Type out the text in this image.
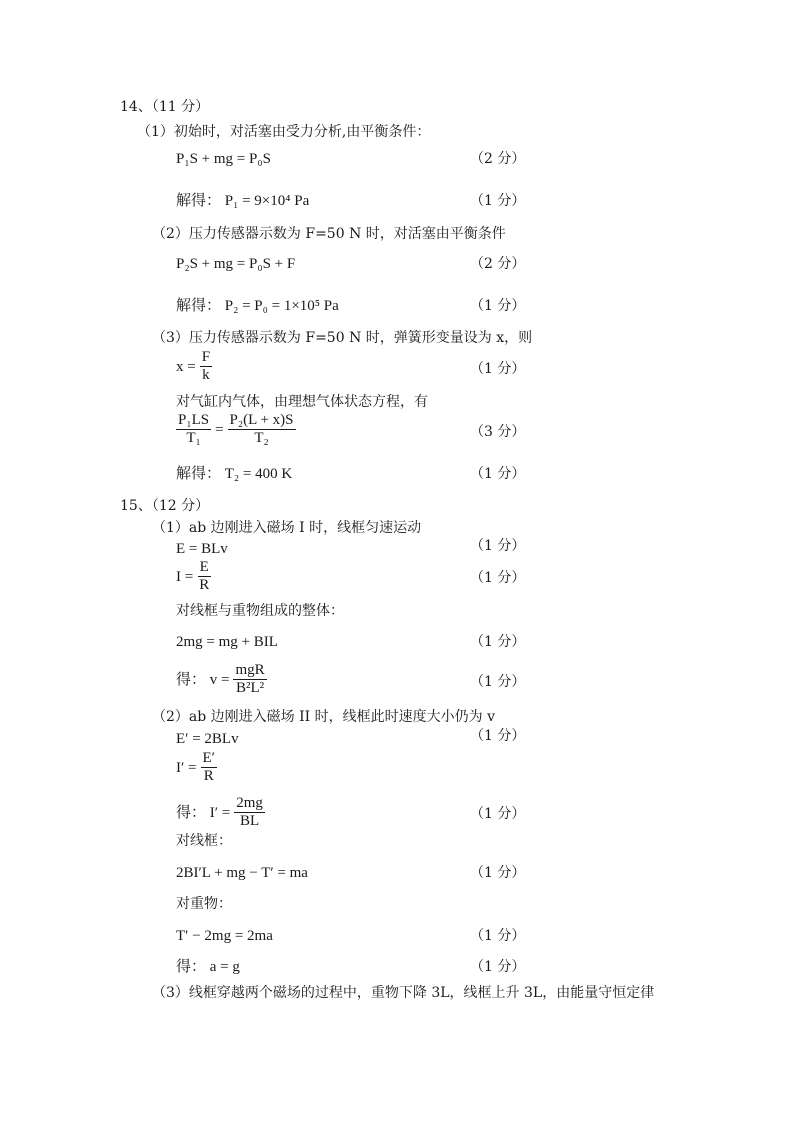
14、（11 分）
（1）初始时，对活塞由受力分析,由平衡条件：
P₁S + mg = P₀S	（2 分）
解得： P₁ = 9×10⁴ Pa	（1 分）
（2）压力传感器示数为 F=50 N 时，对活塞由平衡条件
P₂S + mg = P₀S + F	（2 分）
解得： P₂ = P₀ = 1×10⁵ Pa	（1 分）
（3）压力传感器示数为 F=50 N 时，弹簧形变量设为 x，则
$x = \frac{F}{k}$	（1 分）
对气缸内气体，由理想气体状态方程，有
$\frac{\text{P₁LS}}{\text{T₁}} = \frac{\text{P₂(L + x)S}}{\text{T₂}}$	（3 分）
解得： T₂ = 400 K	（1 分）
15、（12 分）
（1）ab 边刚进入磁场 I 时，线框匀速运动
E = BLv	（1 分）
$I = \frac{E}{R}$	（1 分）
对线框与重物组成的整体：
2mg = mg + BIL	（1 分）
得： $v = \frac{\text{mgR}}{\text{B²L²}}$	（1 分）
（2）ab 边刚进入磁场 II 时，线框此时速度大小仍为 v
E′ = 2BLv	（1 分）
$I' = \frac{E'}{R}$
得： $I' = \frac{2mg}{BL}$	（1 分）
对线框：
2BI′L + mg − T′ = ma	（1 分）
对重物：
T′ − 2mg = 2ma	（1 分）
得： a = g	（1 分）
（3）线框穿越两个磁场的过程中，重物下降 3L，线框上升 3L，由能量守恒定律
